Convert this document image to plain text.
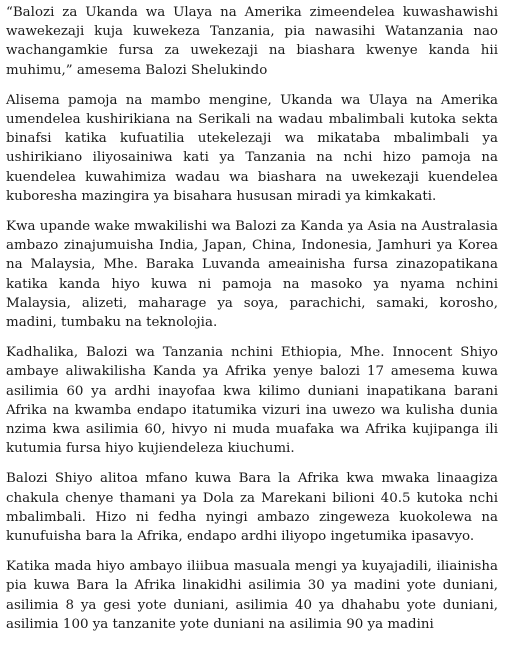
“Balozi za Ukanda wa Ulaya na Amerika zimeendelea kuwashawishi wawekezaji kuja kuwekeza Tanzania, pia nawasihi Watanzania nao wachangamkie fursa za uwekezaji na biashara kwenye kanda hii muhimu,” amesema Balozi Shelukindo

Alisema pamoja na mambo mengine, Ukanda wa Ulaya na Amerika umendelea kushirikiana na Serikali na wadau mbalimbali kutoka sekta binafsi katika kufuatilia utekelezaji wa mikataba mbalimbali ya ushirikiano iliyosainiwa kati ya Tanzania na nchi hizo pamoja na kuendelea kuwahimiza wadau wa biashara na uwekezaji kuendelea kuboresha mazingira ya bisahara hususan miradi ya kimkakati.

Kwa upande wake mwakilishi wa Balozi za Kanda ya Asia na Australasia ambazo zinajumuisha India, Japan, China, Indonesia, Jamhuri ya Korea na Malaysia, Mhe. Baraka Luvanda ameainisha fursa zinazopatikana katika kanda hiyo kuwa ni pamoja na masoko ya nyama nchini Malaysia, alizeti, maharage ya soya, parachichi, samaki, korosho, madini, tumbaku na teknolojia.

Kadhalika, Balozi wa Tanzania nchini Ethiopia, Mhe. Innocent Shiyo ambaye aliwakilisha Kanda ya Afrika yenye balozi 17 amesema kuwa asilimia 60 ya ardhi inayofaa kwa kilimo duniani inapatikana barani Afrika na kwamba endapo itatumika vizuri ina uwezo wa kulisha dunia nzima kwa asilimia 60, hivyo ni muda muafaka wa Afrika kujipanga ili kutumia fursa hiyo kujiendeleza kiuchumi.

Balozi Shiyo alitoa mfano kuwa Bara la Afrika kwa mwaka linaagiza chakula chenye thamani ya Dola za Marekani bilioni 40.5 kutoka nchi mbalimbali. Hizo ni fedha nyingi ambazo zingeweza kuokolewa na kunufuisha bara la Afrika, endapo ardhi iliyopo ingetumika ipasavyo.

Katika mada hiyo ambayo iliibua masuala mengi ya kuyajadili, iliainisha pia kuwa Bara la Afrika linakidhi asilimia 30 ya madini yote duniani, asilimia 8 ya gesi yote duniani, asilimia 40 ya dhahabu yote duniani, asilimia 100 ya tanzanite yote duniani na asilimia 90 ya madini
